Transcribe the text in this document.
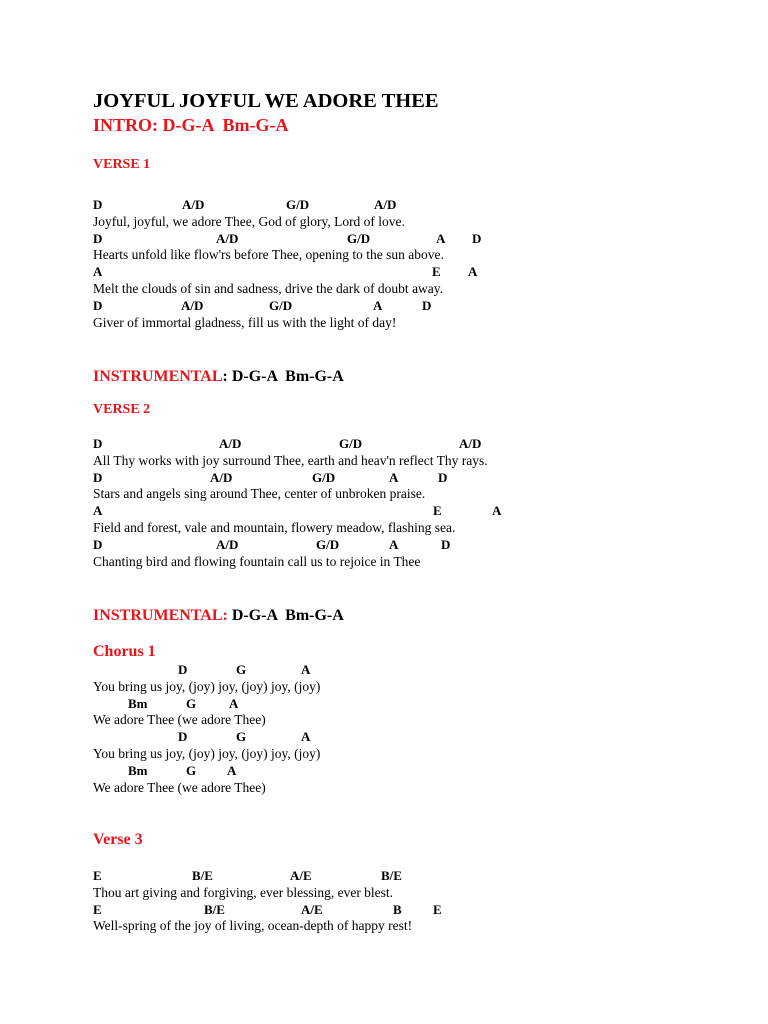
JOYFUL JOYFUL WE ADORE THEE
INTRO: D-G-A  Bm-G-A
VERSE 1

D

	A/D

	G/D

	A/D

Joyful, joyful, we adore Thee, God of glory, Lord of love.

D

	A/D

	G/D

	A

D

Hearts unfold like flow'rs before Thee, opening to the sun above.

A

	E

A

Melt the clouds of sin and sadness, drive the dark of doubt away.

D

	A/D

	G/D

	A

	D

Giver of immortal gladness, fill us with the light of day!
INSTRUMENTAL: D-G-A  Bm-G-A
VERSE 2

D

	A/D

	G/D

	A/D

All Thy works with joy surround Thee, earth and heav'n reflect Thy rays.

D

	A/D

	G/D

	A

	D

Stars and angels sing around Thee, center of unbroken praise.

A

	E

	A

Field and forest, vale and mountain, flowery meadow, flashing sea.

D

	A/D

	G/D

	A

	D

Chanting bird and flowing fountain call us to rejoice in Thee
INSTRUMENTAL: D-G-A  Bm-G-A
Chorus 1

D

	G

	A

You bring us joy, (joy) joy, (joy) joy, (joy)

Bm

	G

	A

We adore Thee (we adore Thee)

D

	G

	A

You bring us joy, (joy) joy, (joy) joy, (joy)

Bm

	G

A

We adore Thee (we adore Thee)
Verse 3

E

	B/E

	A/E

	B/E

Thou art giving and forgiving, ever blessing, ever blest.

E

	B/E

	A/E

	B

E

Well-spring of the joy of living, ocean-depth of happy rest!
